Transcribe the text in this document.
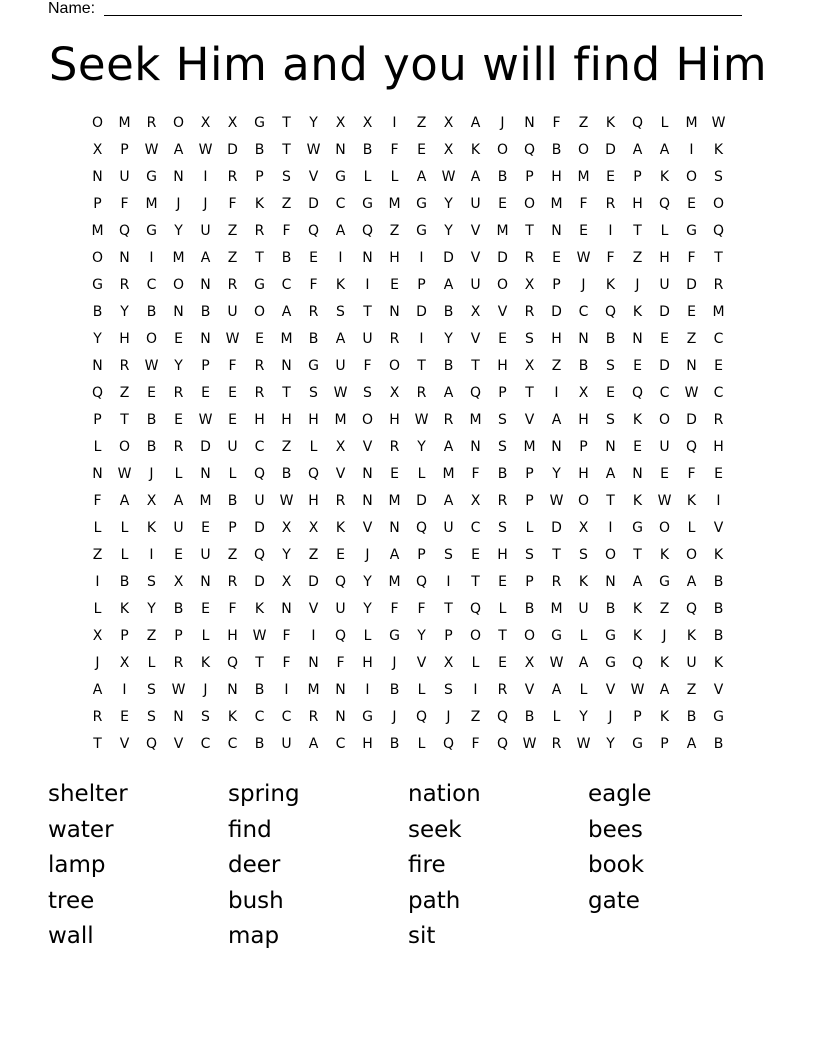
Name:
Seek Him and you will find Him
O	M	R	O	X	X	G	T	Y	X	X	I	Z	X	A	J	N	F	Z	K	Q	L	M	W
X	P	W	A	W	D	B	T	W	N	B	F	E	X	K	O	Q	B	O	D	A	A	I	K
N	U	G	N	I	R	P	S	V	G	L	L	A	W	A	B	P	H	M	E	P	K	O	S
P	F	M	J	J	F	K	Z	D	C	G	M	G	Y	U	E	O	M	F	R	H	Q	E	O
M	Q	G	Y	U	Z	R	F	Q	A	Q	Z	G	Y	V	M	T	N	E	I	T	L	G	Q
O	N	I	M	A	Z	T	B	E	I	N	H	I	D	V	D	R	E	W	F	Z	H	F	T
G	R	C	O	N	R	G	C	F	K	I	E	P	A	U	O	X	P	J	K	J	U	D	R
B	Y	B	N	B	U	O	A	R	S	T	N	D	B	X	V	R	D	C	Q	K	D	E	M
Y	H	O	E	N	W	E	M	B	A	U	R	I	Y	V	E	S	H	N	B	N	E	Z	C
N	R	W	Y	P	F	R	N	G	U	F	O	T	B	T	H	X	Z	B	S	E	D	N	E
Q	Z	E	R	E	E	R	T	S	W	S	X	R	A	Q	P	T	I	X	E	Q	C	W	C
P	T	B	E	W	E	H	H	H	M	O	H	W	R	M	S	V	A	H	S	K	O	D	R
L	O	B	R	D	U	C	Z	L	X	V	R	Y	A	N	S	M	N	P	N	E	U	Q	H
N	W	J	L	N	L	Q	B	Q	V	N	E	L	M	F	B	P	Y	H	A	N	E	F	E
F	A	X	A	M	B	U	W	H	R	N	M	D	A	X	R	P	W	O	T	K	W	K	I
L	L	K	U	E	P	D	X	X	K	V	N	Q	U	C	S	L	D	X	I	G	O	L	V
Z	L	I	E	U	Z	Q	Y	Z	E	J	A	P	S	E	H	S	T	S	O	T	K	O	K
I	B	S	X	N	R	D	X	D	Q	Y	M	Q	I	T	E	P	R	K	N	A	G	A	B
L	K	Y	B	E	F	K	N	V	U	Y	F	F	T	Q	L	B	M	U	B	K	Z	Q	B
X	P	Z	P	L	H	W	F	I	Q	L	G	Y	P	O	T	O	G	L	G	K	J	K	B
J	X	L	R	K	Q	T	F	N	F	H	J	V	X	L	E	X	W	A	G	Q	K	U	K
A	I	S	W	J	N	B	I	M	N	I	B	L	S	I	R	V	A	L	V	W	A	Z	V
R	E	S	N	S	K	C	C	R	N	G	J	Q	J	Z	Q	B	L	Y	J	P	K	B	G
T	V	Q	V	C	C	B	U	A	C	H	B	L	Q	F	Q	W	R	W	Y	G	P	A	B
shelter
water
lamp
tree
wall
spring
find
deer
bush
map
nation
seek
fire
path
sit
eagle
bees
book
gate
